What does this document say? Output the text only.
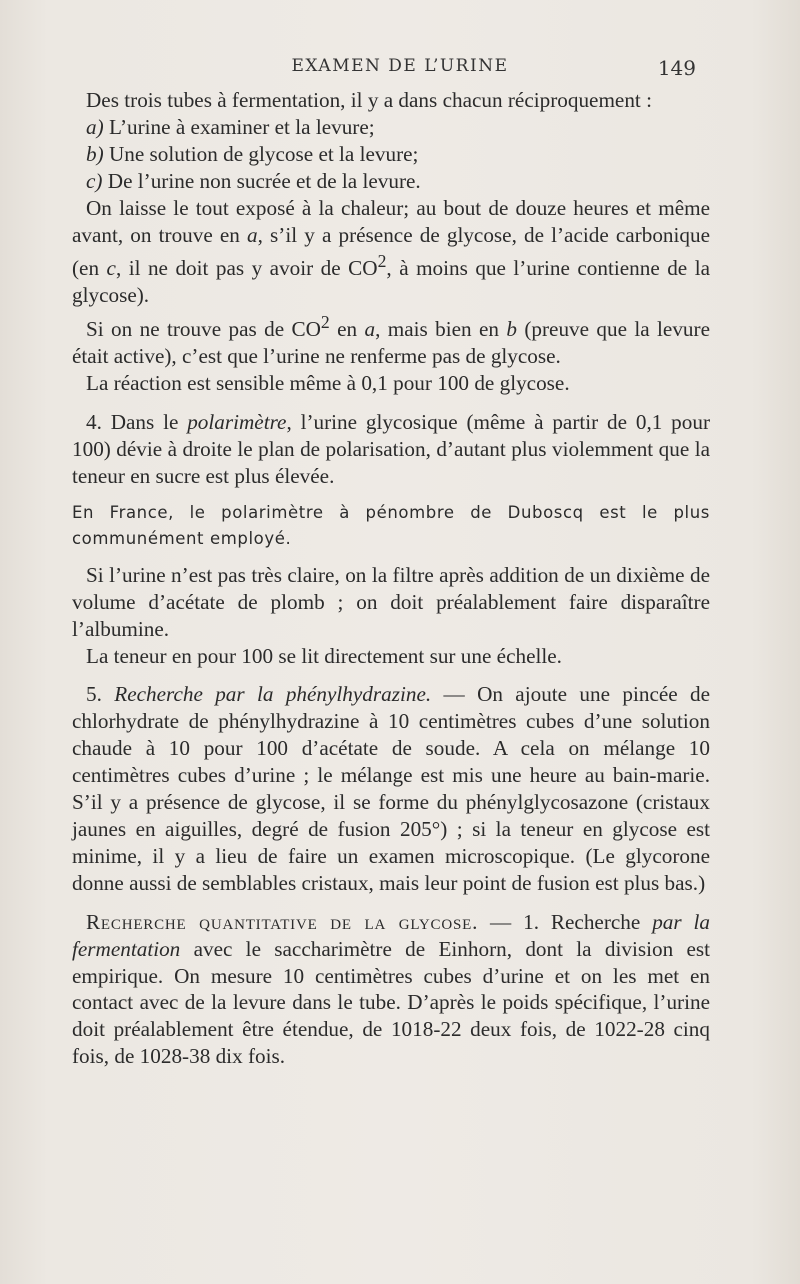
EXAMEN DE L’URINE	149

Des trois tubes à fermentation, il y a dans chacun réciproquement :

a) L’urine à examiner et la levure;

b) Une solution de glycose et la levure;

c) De l’urine non sucrée et de la levure.

On laisse le tout exposé à la chaleur; au bout de douze heures et même avant, on trouve en a, s’il y a présence de glycose, de l’acide carbonique (en c, il ne doit pas y avoir de $CO^2$, à moins que l’urine contienne de la glycose).

Si on ne trouve pas de $CO^2$ en a, mais bien en b (preuve que la levure était active), c’est que l’urine ne renferme pas de glycose.

La réaction est sensible même à 0,1 pour 100 de glycose.

4. Dans le polarimètre, l’urine glycosique (même à partir de 0,1 pour 100) dévie à droite le plan de polarisation, d’autant plus violemment que la teneur en sucre est plus élevée.

En France, le polarimètre à pénombre de Duboscq est le plus communément employé.

Si l’urine n’est pas très claire, on la filtre après addition de un dixième de volume d’acétate de plomb ; on doit préalablement faire disparaître l’albumine.

La teneur en pour 100 se lit directement sur une échelle.

5. Recherche par la phénylhydrazine. — On ajoute une pincée de chlorhydrate de phénylhydrazine à 10 centimètres cubes d’une solution chaude à 10 pour 100 d’acétate de soude. A cela on mélange 10 centimètres cubes d’urine ; le mélange est mis une heure au bain-marie. S’il y a présence de glycose, il se forme du phénylglycosazone (cristaux jaunes en aiguilles, degré de fusion 205°) ; si la teneur en glycose est minime, il y a lieu de faire un examen microscopique. (Le glycorone donne aussi de semblables cristaux, mais leur point de fusion est plus bas.)

Recherche quantitative de la glycose. — 1. Recherche par la fermentation avec le saccharimètre de Einhorn, dont la division est empirique. On mesure 10 centimètres cubes d’urine et on les met en contact avec de la levure dans le tube. D’après le poids spécifique, l’urine doit préalablement être étendue, de 1018-22 deux fois, de 1022-28 cinq fois, de 1028-38 dix fois.
